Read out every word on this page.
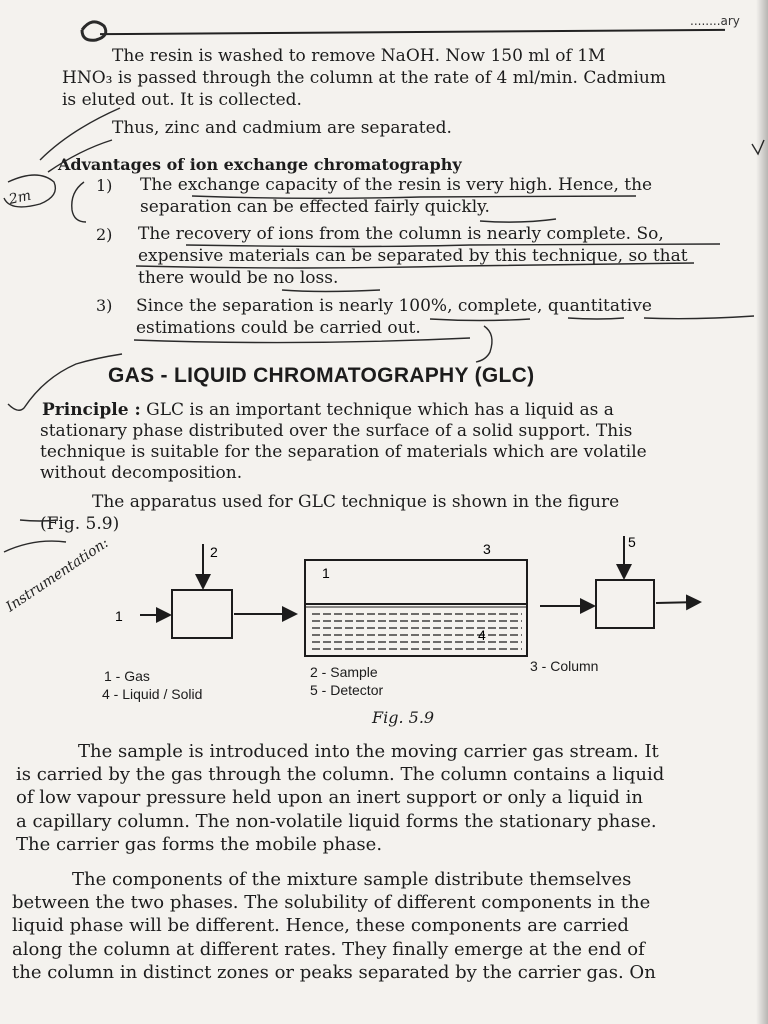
........ary
The resin is washed to remove NaOH. Now 150 ml of 1M
HNO₃ is passed through the column at the rate of 4 ml/min. Cadmium
is eluted out. It is collected.
Thus, zinc and cadmium are separated.
Advantages of ion exchange chromatography
1) The exchange capacity of the resin is very high. Hence, the
separation can be effected fairly quickly.
2) The recovery of ions from the column is nearly complete. So,
expensive materials can be separated by this technique, so that
there would be no loss.
3) Since the separation is nearly 100%, complete, quantitative
estimations could be carried out.
GAS - LIQUID CHROMATOGRAPHY (GLC)
Principle : GLC is an important technique which has a liquid as a
stationary phase distributed over the surface of a solid support. This
technique is suitable for the separation of materials which are volatile
without decomposition.
The apparatus used for GLC technique is shown in the figure
(Fig. 5.9)
1
2
1
3
4
5
Instrumentation:
2m
1 - Gas
4 - Liquid / Solid
2 - Sample
5 - Detector
3 - Column
Fig. 5.9
The sample is introduced into the moving carrier gas stream. It
is carried by the gas through the column. The column contains a liquid
of low vapour pressure held upon an inert support or only a liquid in
a capillary column. The non-volatile liquid forms the stationary phase.
The carrier gas forms the mobile phase.
The components of the mixture sample distribute themselves
between the two phases. The solubility of different components in the
liquid phase will be different. Hence, these components are carried
along the column at different rates. They finally emerge at the end of
the column in distinct zones or peaks separated by the carrier gas. On
